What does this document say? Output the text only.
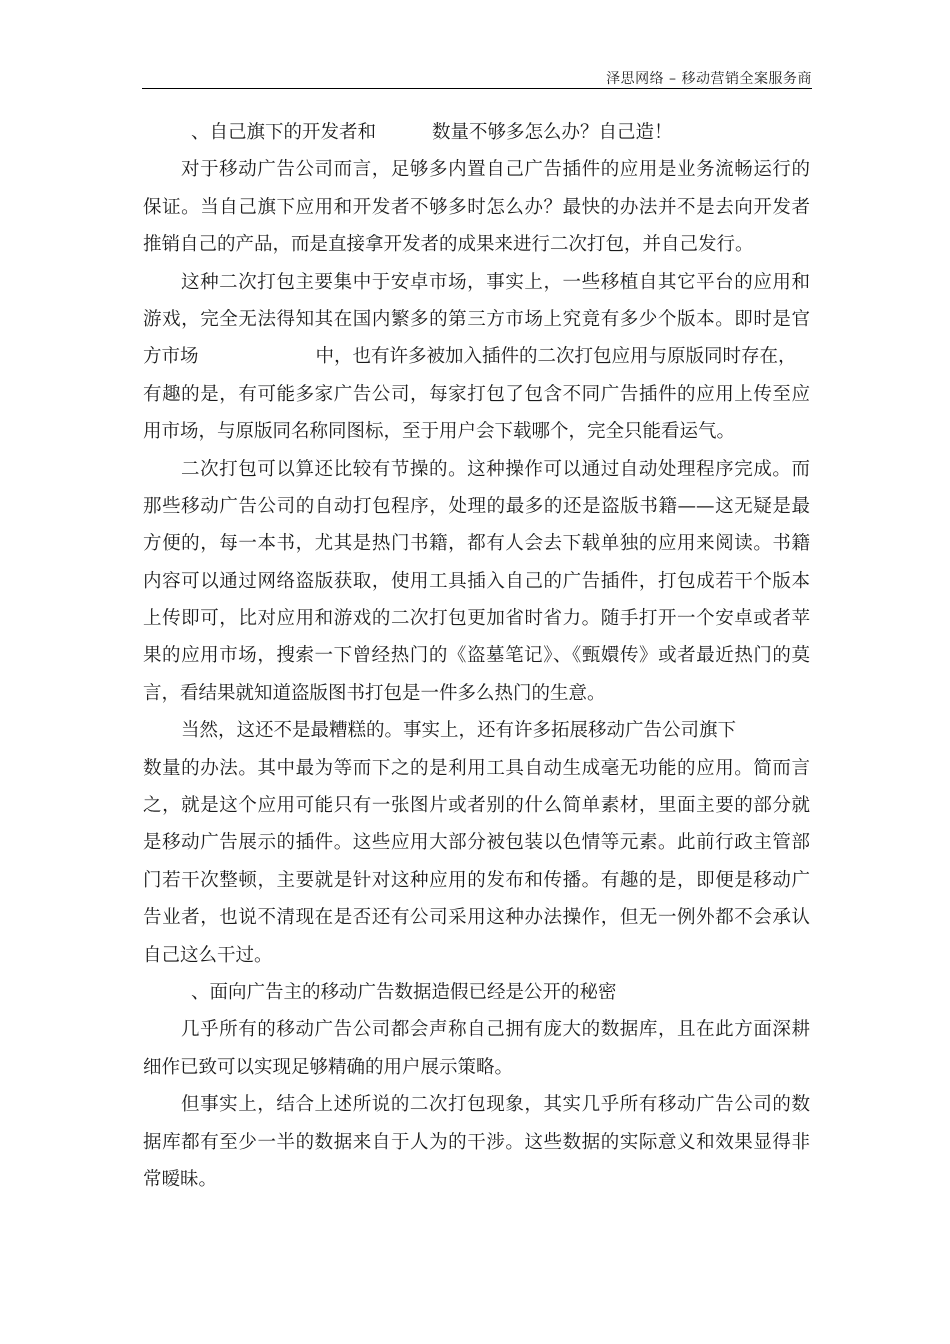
泽思网络 – 移动营销全案服务商
、自己旗下的开发者和	数量不够多怎么办？自己造！
对于移动广告公司而言，足够多内置自己广告插件的应用是业务流畅运行的
保证。当自己旗下应用和开发者不够多时怎么办？最快的办法并不是去向开发者
推销自己的产品，而是直接拿开发者的成果来进行二次打包，并自己发行。
这种二次打包主要集中于安卓市场，事实上，一些移植自其它平台的应用和
游戏，完全无法得知其在国内繁多的第三方市场上究竟有多少个版本。即时是官
方市场	中，也有许多被加入插件的二次打包应用与原版同时存在，
有趣的是，有可能多家广告公司，每家打包了包含不同广告插件的应用上传至应
用市场，与原版同名称同图标，至于用户会下载哪个，完全只能看运气。
二次打包可以算还比较有节操的。这种操作可以通过自动处理程序完成。而
那些移动广告公司的自动打包程序，处理的最多的还是盗版书籍——这无疑是最
方便的，每一本书，尤其是热门书籍，都有人会去下载单独的应用来阅读。书籍
内容可以通过网络盗版获取，使用工具插入自己的广告插件，打包成若干个版本
上传即可，比对应用和游戏的二次打包更加省时省力。随手打开一个安卓或者苹
果的应用市场，搜索一下曾经热门的《盗墓笔记》、《甄嬛传》或者最近热门的莫
言，看结果就知道盗版图书打包是一件多么热门的生意。
当然，这还不是最糟糕的。事实上，还有许多拓展移动广告公司旗下
数量的办法。其中最为等而下之的是利用工具自动生成毫无功能的应用。简而言
之，就是这个应用可能只有一张图片或者别的什么简单素材，里面主要的部分就
是移动广告展示的插件。这些应用大部分被包装以色情等元素。此前行政主管部
门若干次整顿，主要就是针对这种应用的发布和传播。有趣的是，即便是移动广
告业者，也说不清现在是否还有公司采用这种办法操作，但无一例外都不会承认
自己这么干过。
、面向广告主的移动广告数据造假已经是公开的秘密
几乎所有的移动广告公司都会声称自己拥有庞大的数据库，且在此方面深耕
细作已致可以实现足够精确的用户展示策略。
但事实上，结合上述所说的二次打包现象，其实几乎所有移动广告公司的数
据库都有至少一半的数据来自于人为的干涉。这些数据的实际意义和效果显得非
常暧昧。
